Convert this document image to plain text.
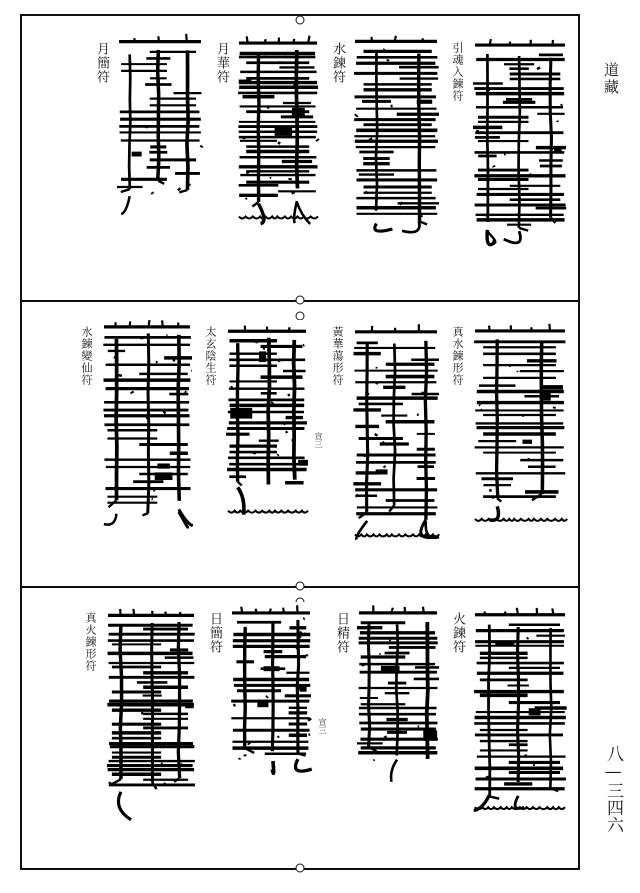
道藏
八—三四六
引魂入鍊符
水鍊符
月華符
月簡符
真水鍊形符
黃華蕩形符
宣三
太玄陰生符
水鍊變仙符
火鍊符
日精符
宣三
日簡符
真火鍊形符
